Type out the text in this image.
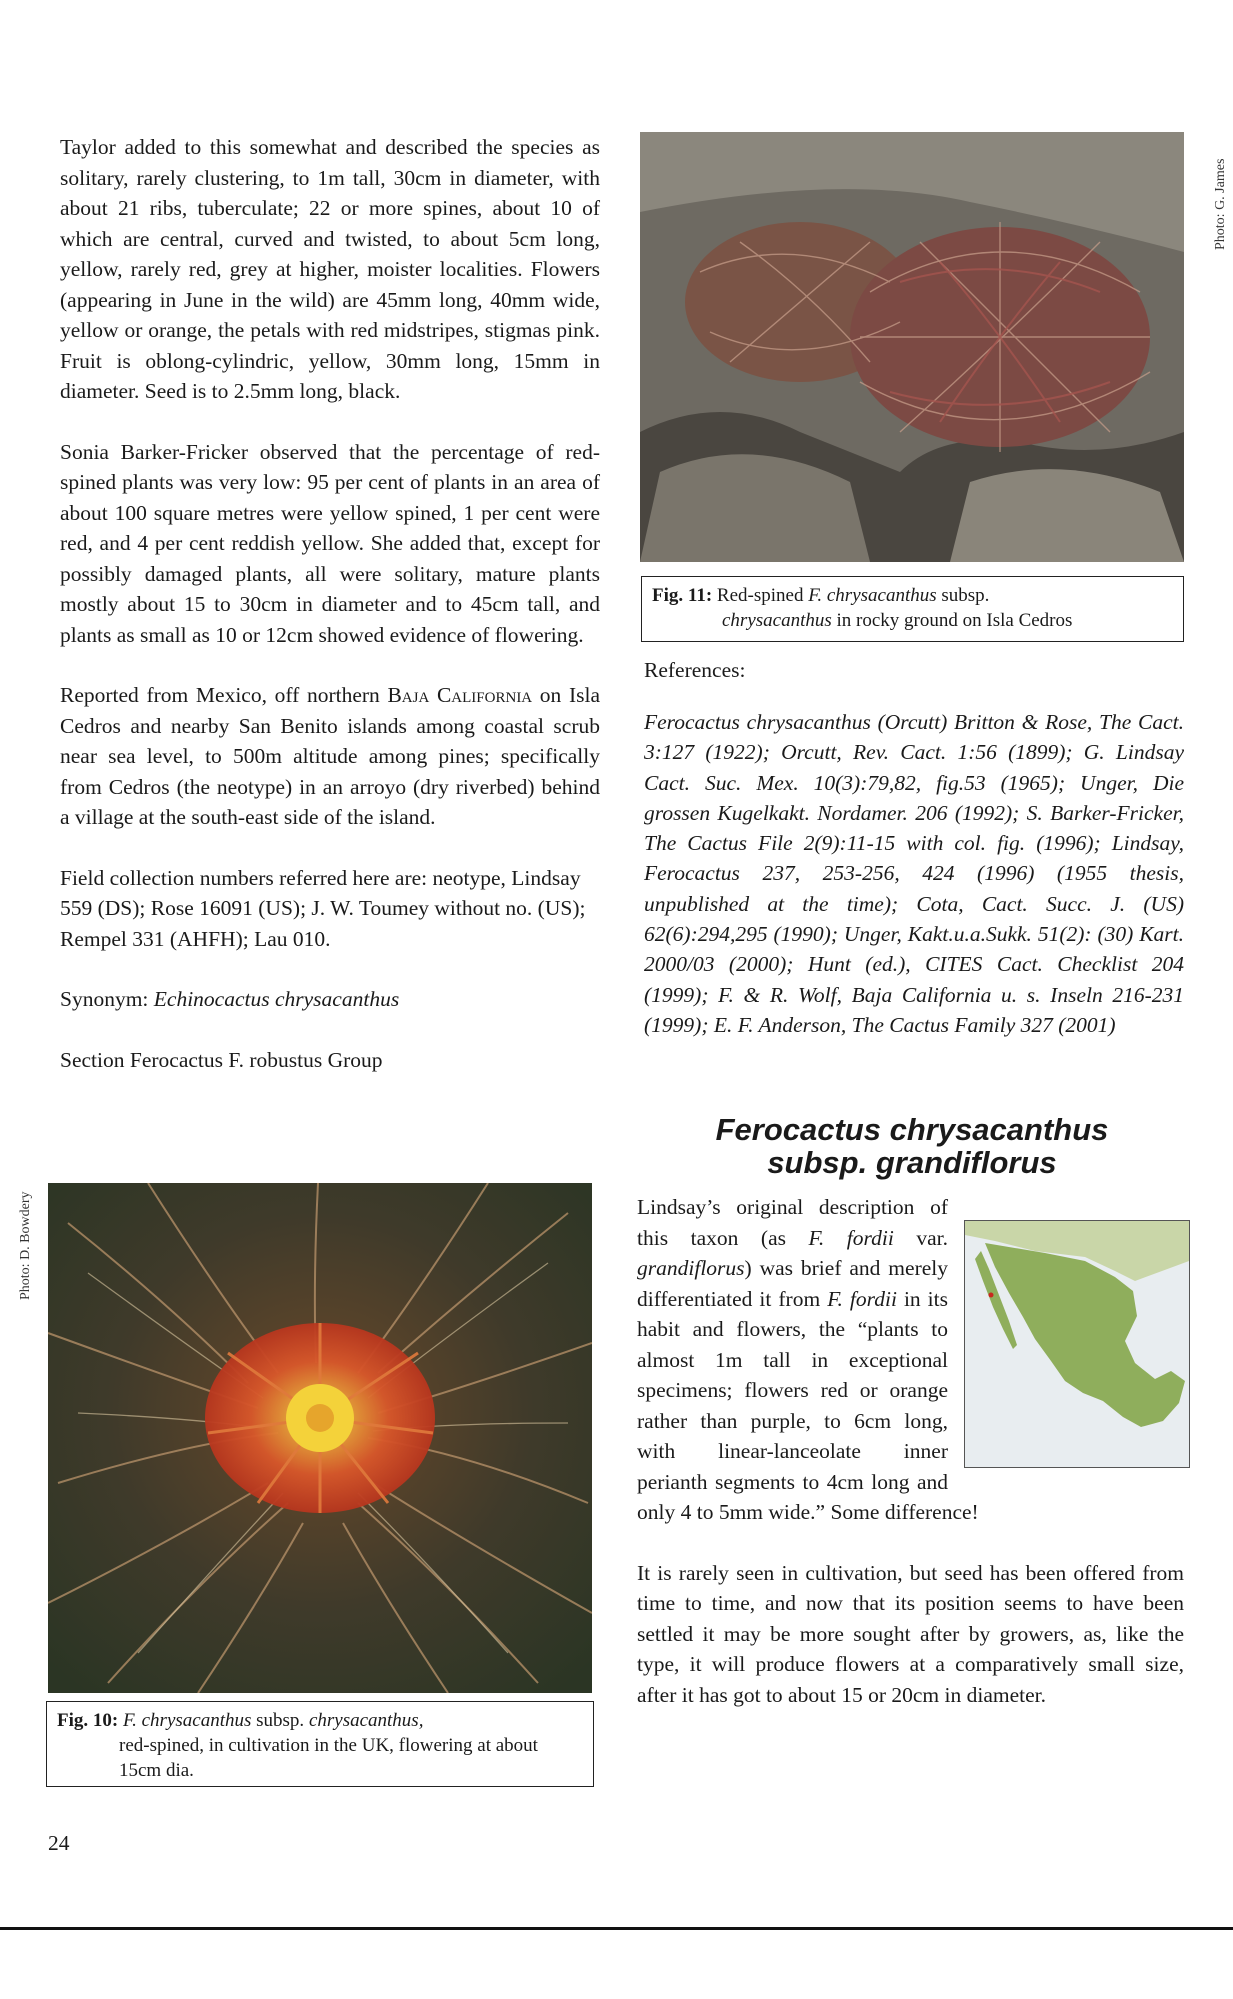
Taylor added to this somewhat and described the species as solitary, rarely clustering, to 1m tall, 30cm in diameter, with about 21 ribs, tuberculate; 22 or more spines, about 10 of which are central, curved and twisted, to about 5cm long, yellow, rarely red, grey at higher, moister localities. Flowers (appearing in June in the wild) are 45mm long, 40mm wide, yellow or orange, the petals with red midstripes, stigmas pink. Fruit is oblong-cylindric, yellow, 30mm long, 15mm in diameter. Seed is to 2.5mm long, black.

Sonia Barker-Fricker observed that the percentage of red-spined plants was very low: 95 per cent of plants in an area of about 100 square metres were yellow spined, 1 per cent were red, and 4 per cent reddish yellow. She added that, except for possibly damaged plants, all were solitary, mature plants mostly about 15 to 30cm in diameter and to 45cm tall, and plants as small as 10 or 12cm showed evidence of flowering.

Reported from Mexico, off northern Baja California on Isla Cedros and nearby San Benito islands among coastal scrub near sea level, to 500m altitude among pines; specifically from Cedros (the neotype) in an arroyo (dry riverbed) behind a village at the south-east side of the island.

Field collection numbers referred here are: neotype, Lindsay 559 (DS); Rose 16091 (US); J. W. Toumey without no. (US); Rempel 331 (AHFH); Lau 010.

Synonym: Echinocactus chrysacanthus

Section Ferocactus F. robustus Group

Photo: D. Bowdery
Fig. 10: F. chrysacanthus subsp. chrysacanthus,
red-spined, in cultivation in the UK, flowering at about 15cm dia.
Photo: G. James
Fig. 11: Red-spined F. chrysacanthus subsp.
chrysacanthus in rocky ground on Isla Cedros
References:
Ferocactus chrysacanthus (Orcutt) Britton & Rose, The Cact. 3:127 (1922); Orcutt, Rev. Cact. 1:56 (1899); G. Lindsay Cact. Suc. Mex. 10(3):79,82, fig.53 (1965); Unger, Die grossen Kugelkakt. Nordamer. 206 (1992); S. Barker-Fricker, The Cactus File 2(9):11-15 with col. fig. (1996); Lindsay, Ferocactus 237, 253-256, 424 (1996) (1955 thesis, unpublished at the time); Cota, Cact. Succ. J. (US) 62(6):294,295 (1990); Unger, Kakt.u.a.Sukk. 51(2): (30) Kart. 2000/03 (2000); Hunt (ed.), CITES Cact. Checklist 204 (1999); F. & R. Wolf, Baja California u. s. Inseln 216-231 (1999); E. F. Anderson, The Cactus Family 327 (2001)
Ferocactus chrysacanthus
subsp. grandiflorus

Lindsay’s original description of this taxon (as F. fordii var. grandiflorus) was brief and merely differentiated it from F. fordii in its habit and flowers, the “plants to almost 1m tall in exceptional specimens; flowers red or orange rather than purple, to 6cm long, with linear-lanceolate inner perianth segments to 4cm long and only 4 to 5mm wide.” Some difference!

It is rarely seen in cultivation, but seed has been offered from time to time, and now that its position seems to have been settled it may be more sought after by growers, as, like the type, it will produce flowers at a comparatively small size, after it has got to about 15 or 20cm in diameter.

24
